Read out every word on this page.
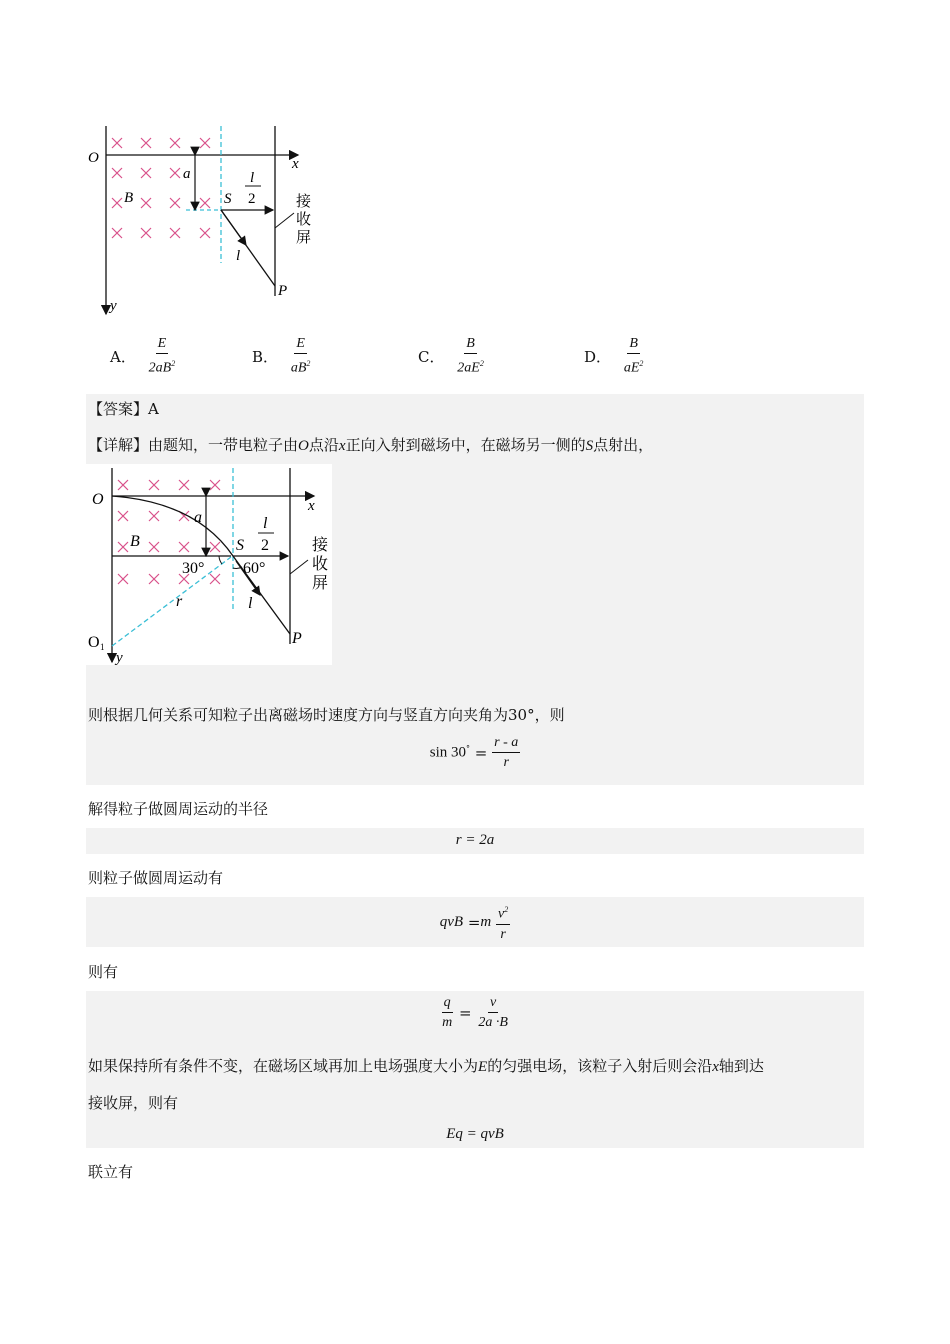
O	x
y
a
B	S
l
2
l
P
接
收
屏
A． $\frac{E}{2aB^2}$	B． $\frac{E}{aB^2}$	C． $\frac{B}{2aE^2}$	D． $\frac{B}{aE^2}$
【答案】A
【详解】由题知，一带电粒子由O点沿x正向入射到磁场中，在磁场另一侧的S点射出，
O	x
y
a
B	S
l
2
30° 60°
r	l
P
O 1
接
收
屏
则根据几何关系可知粒子出离磁场时速度方向与竖直方向夹角为30°，则
$\sin 30^\circ = \frac{r - a}{r}$
解得粒子做圆周运动的半径
r = 2a
则粒子做圆周运动有
qvB $=m \frac{v^2}{r}$
则有
$\frac{q}{m} = \frac{v}{2a \cdot B}$
如果保持所有条件不变，在磁场区域再加上电场强度大小为E的匀强电场，该粒子入射后则会沿x轴到达
接收屏，则有
Eq = qvB
联立有
